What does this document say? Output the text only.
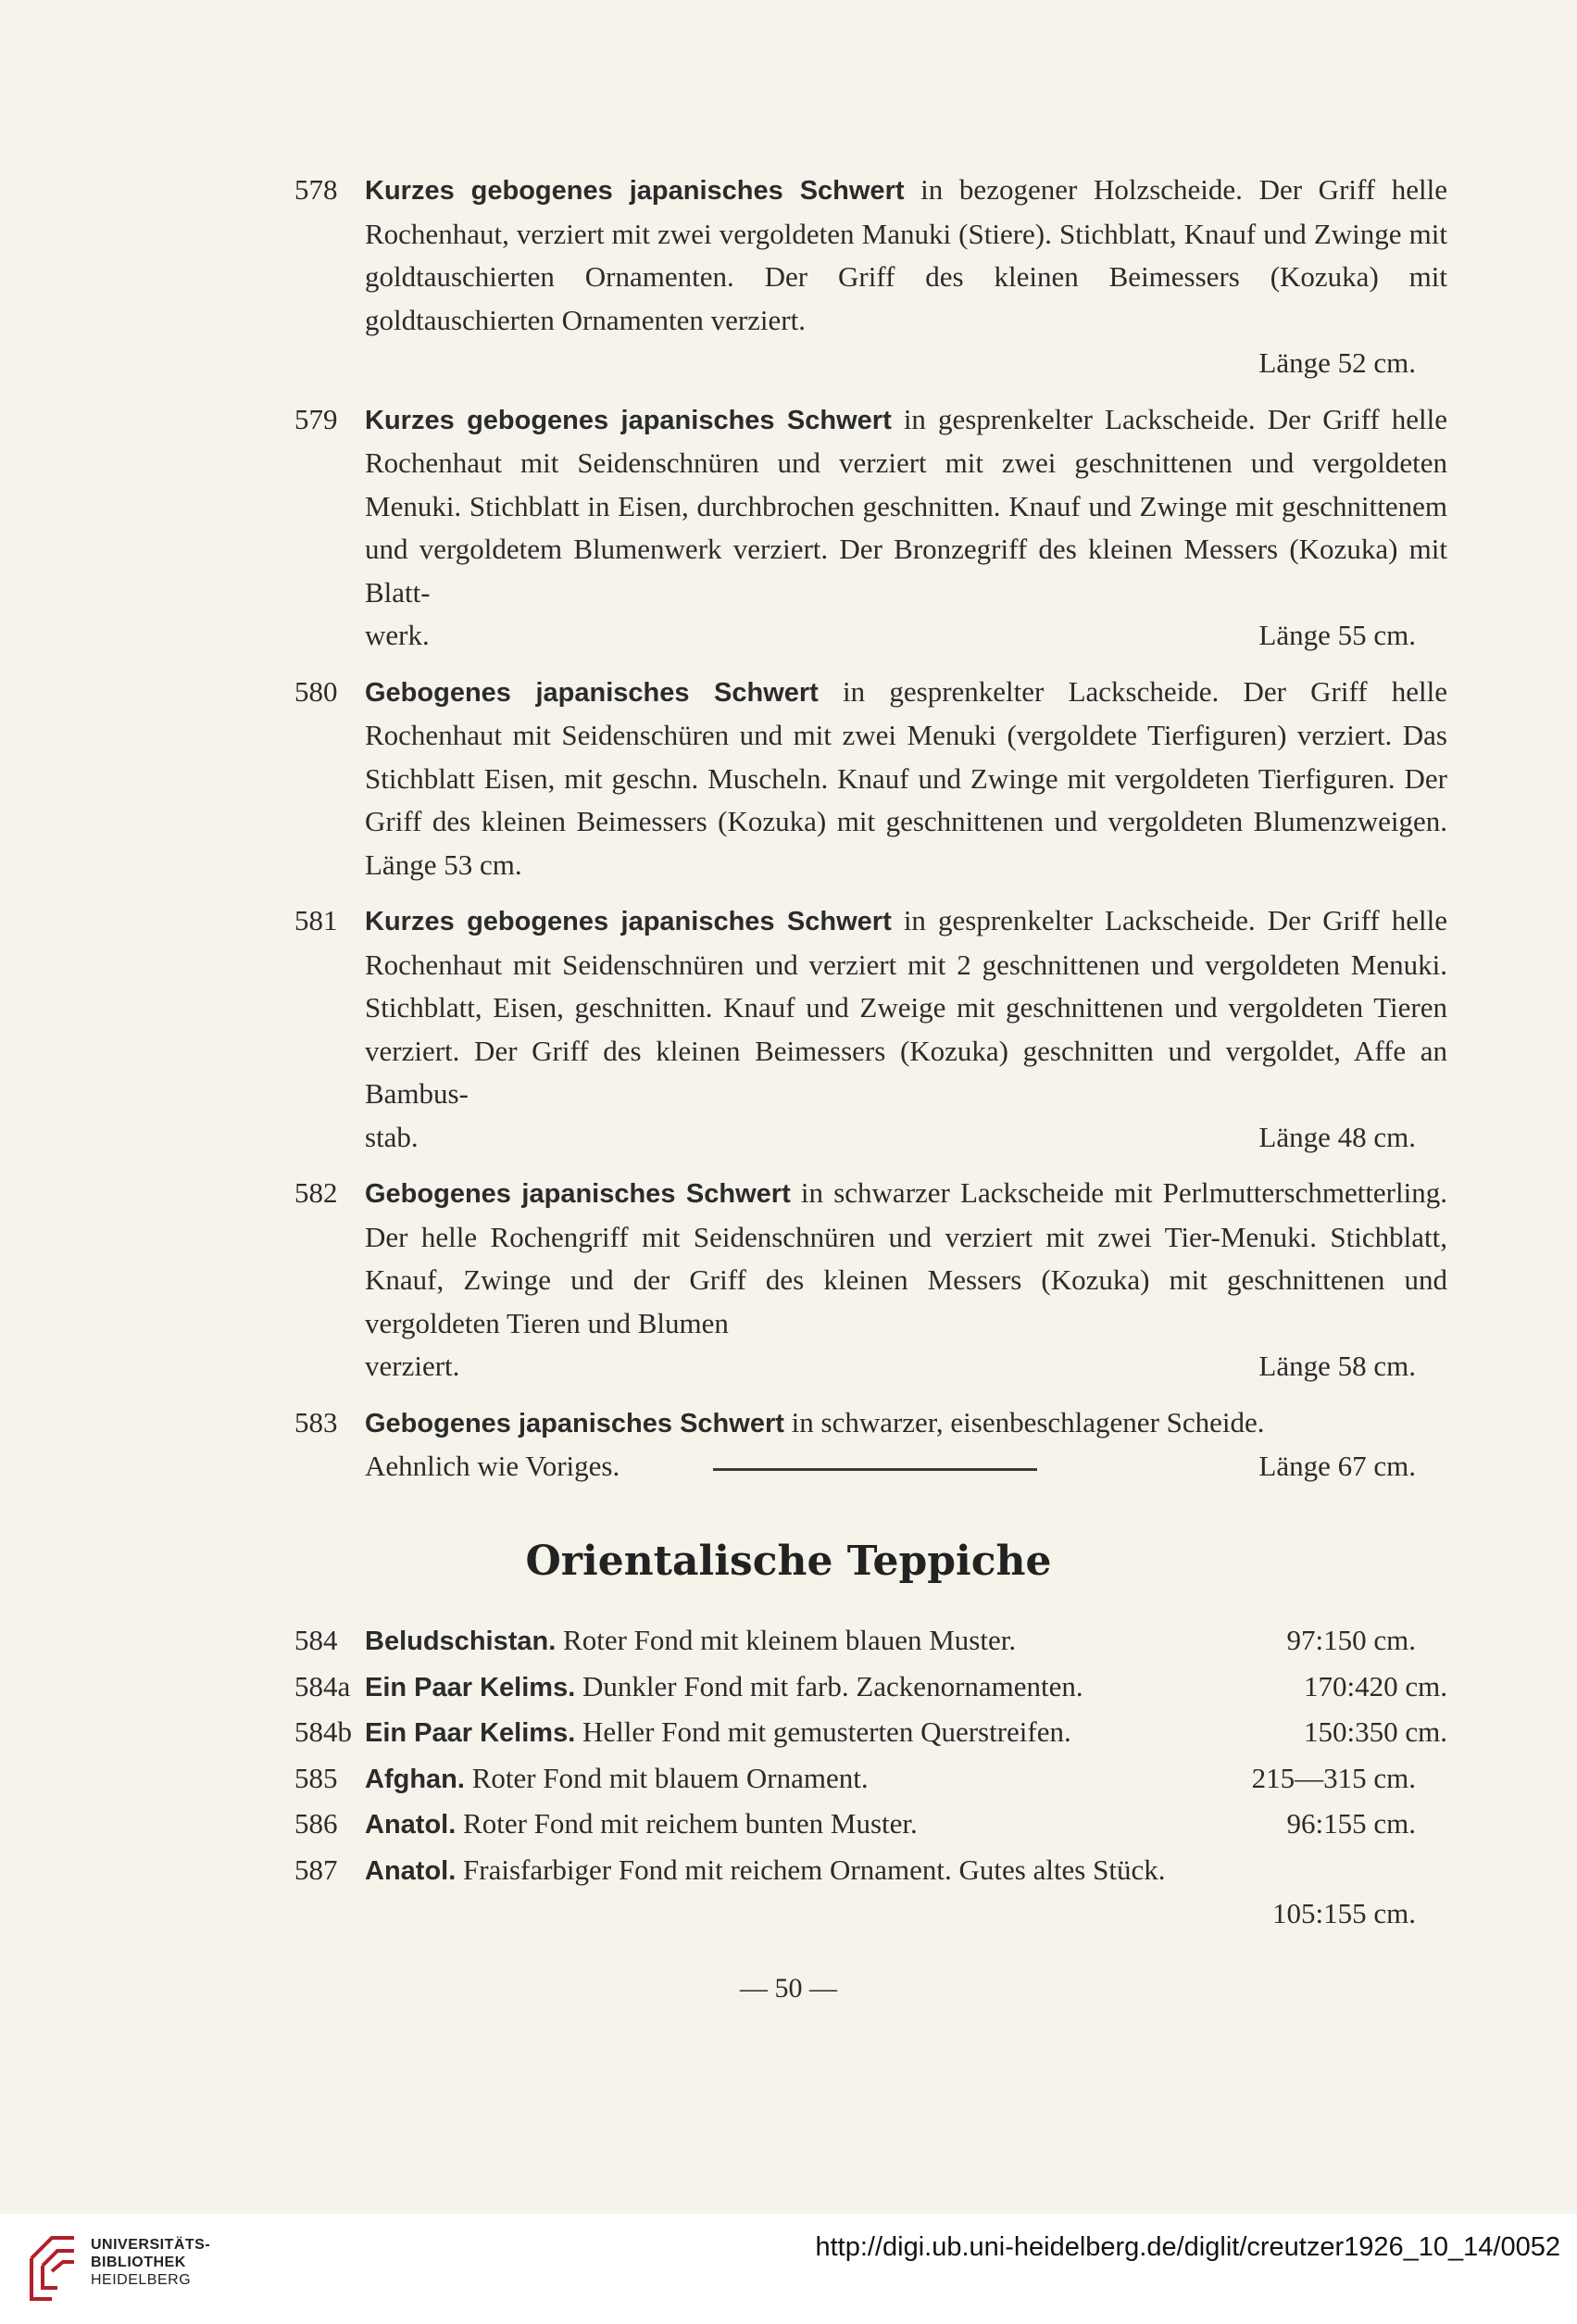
578	Kurzes gebogenes japanisches Schwert in bezogener Holzscheide. Der Griff helle Rochenhaut, verziert mit zwei vergoldeten Manuki (Stiere). Stichblatt, Knauf und Zwinge mit goldtauschierten Ornamenten. Der Griff des kleinen Beimessers (Kozuka) mit goldtauschierten Ornamenten verziert.
Länge 52 cm.
579	Kurzes gebogenes japanisches Schwert in gesprenkelter Lackscheide. Der Griff helle Rochenhaut mit Seidenschnüren und verziert mit zwei geschnittenen und vergoldeten Menuki. Stichblatt in Eisen, durchbrochen geschnitten. Knauf und Zwinge mit geschnittenem und vergoldetem Blumenwerk verziert. Der Bronzegriff des kleinen Messers (Kozuka) mit Blatt-
werk.	Länge 55 cm.
580	Gebogenes japanisches Schwert in gesprenkelter Lackscheide. Der Griff helle Rochenhaut mit Seidenschüren und mit zwei Menuki (vergoldete Tierfiguren) verziert. Das Stichblatt Eisen, mit geschn. Muscheln. Knauf und Zwinge mit vergoldeten Tierfiguren. Der Griff des kleinen Beimessers (Kozuka) mit geschnittenen und vergoldeten Blumenzweigen. Länge 53 cm.
581	Kurzes gebogenes japanisches Schwert in gesprenkelter Lackscheide. Der Griff helle Rochenhaut mit Seidenschnüren und verziert mit 2 geschnittenen und vergoldeten Menuki. Stichblatt, Eisen, geschnitten. Knauf und Zweige mit geschnittenen und vergoldeten Tieren verziert. Der Griff des kleinen Beimessers (Kozuka) geschnitten und vergoldet, Affe an Bambus-
stab.	Länge 48 cm.
582	Gebogenes japanisches Schwert in schwarzer Lackscheide mit Perlmutterschmetterling. Der helle Rochengriff mit Seidenschnüren und verziert mit zwei Tier-Menuki. Stichblatt, Knauf, Zwinge und der Griff des kleinen Messers (Kozuka) mit geschnittenen und vergoldeten Tieren und Blumen
verziert.	Länge 58 cm.
583	Gebogenes japanisches Schwert in schwarzer, eisenbeschlagener Scheide.
Aehnlich wie Voriges.	Länge 67 cm.
Orientalische Teppiche
584	Beludschistan. Roter Fond mit kleinem blauen Muster.	97:150 cm.
584a Ein Paar Kelims. Dunkler Fond mit farb. Zackenornamenten.	170:420 cm.
584b Ein Paar Kelims. Heller Fond mit gemusterten Querstreifen.	150:350 cm.
585	Afghan. Roter Fond mit blauem Ornament.	215—315 cm.
586	Anatol. Roter Fond mit reichem bunten Muster.	96:155 cm.
587	Anatol. Fraisfarbiger Fond mit reichem Ornament. Gutes altes Stück.
105:155 cm.
— 50 —
UNIVERSITÄTS-
BIBLIOTHEK
HEIDELBERG
http://digi.ub.uni-heidelberg.de/diglit/creutzer1926_10_14/0052
